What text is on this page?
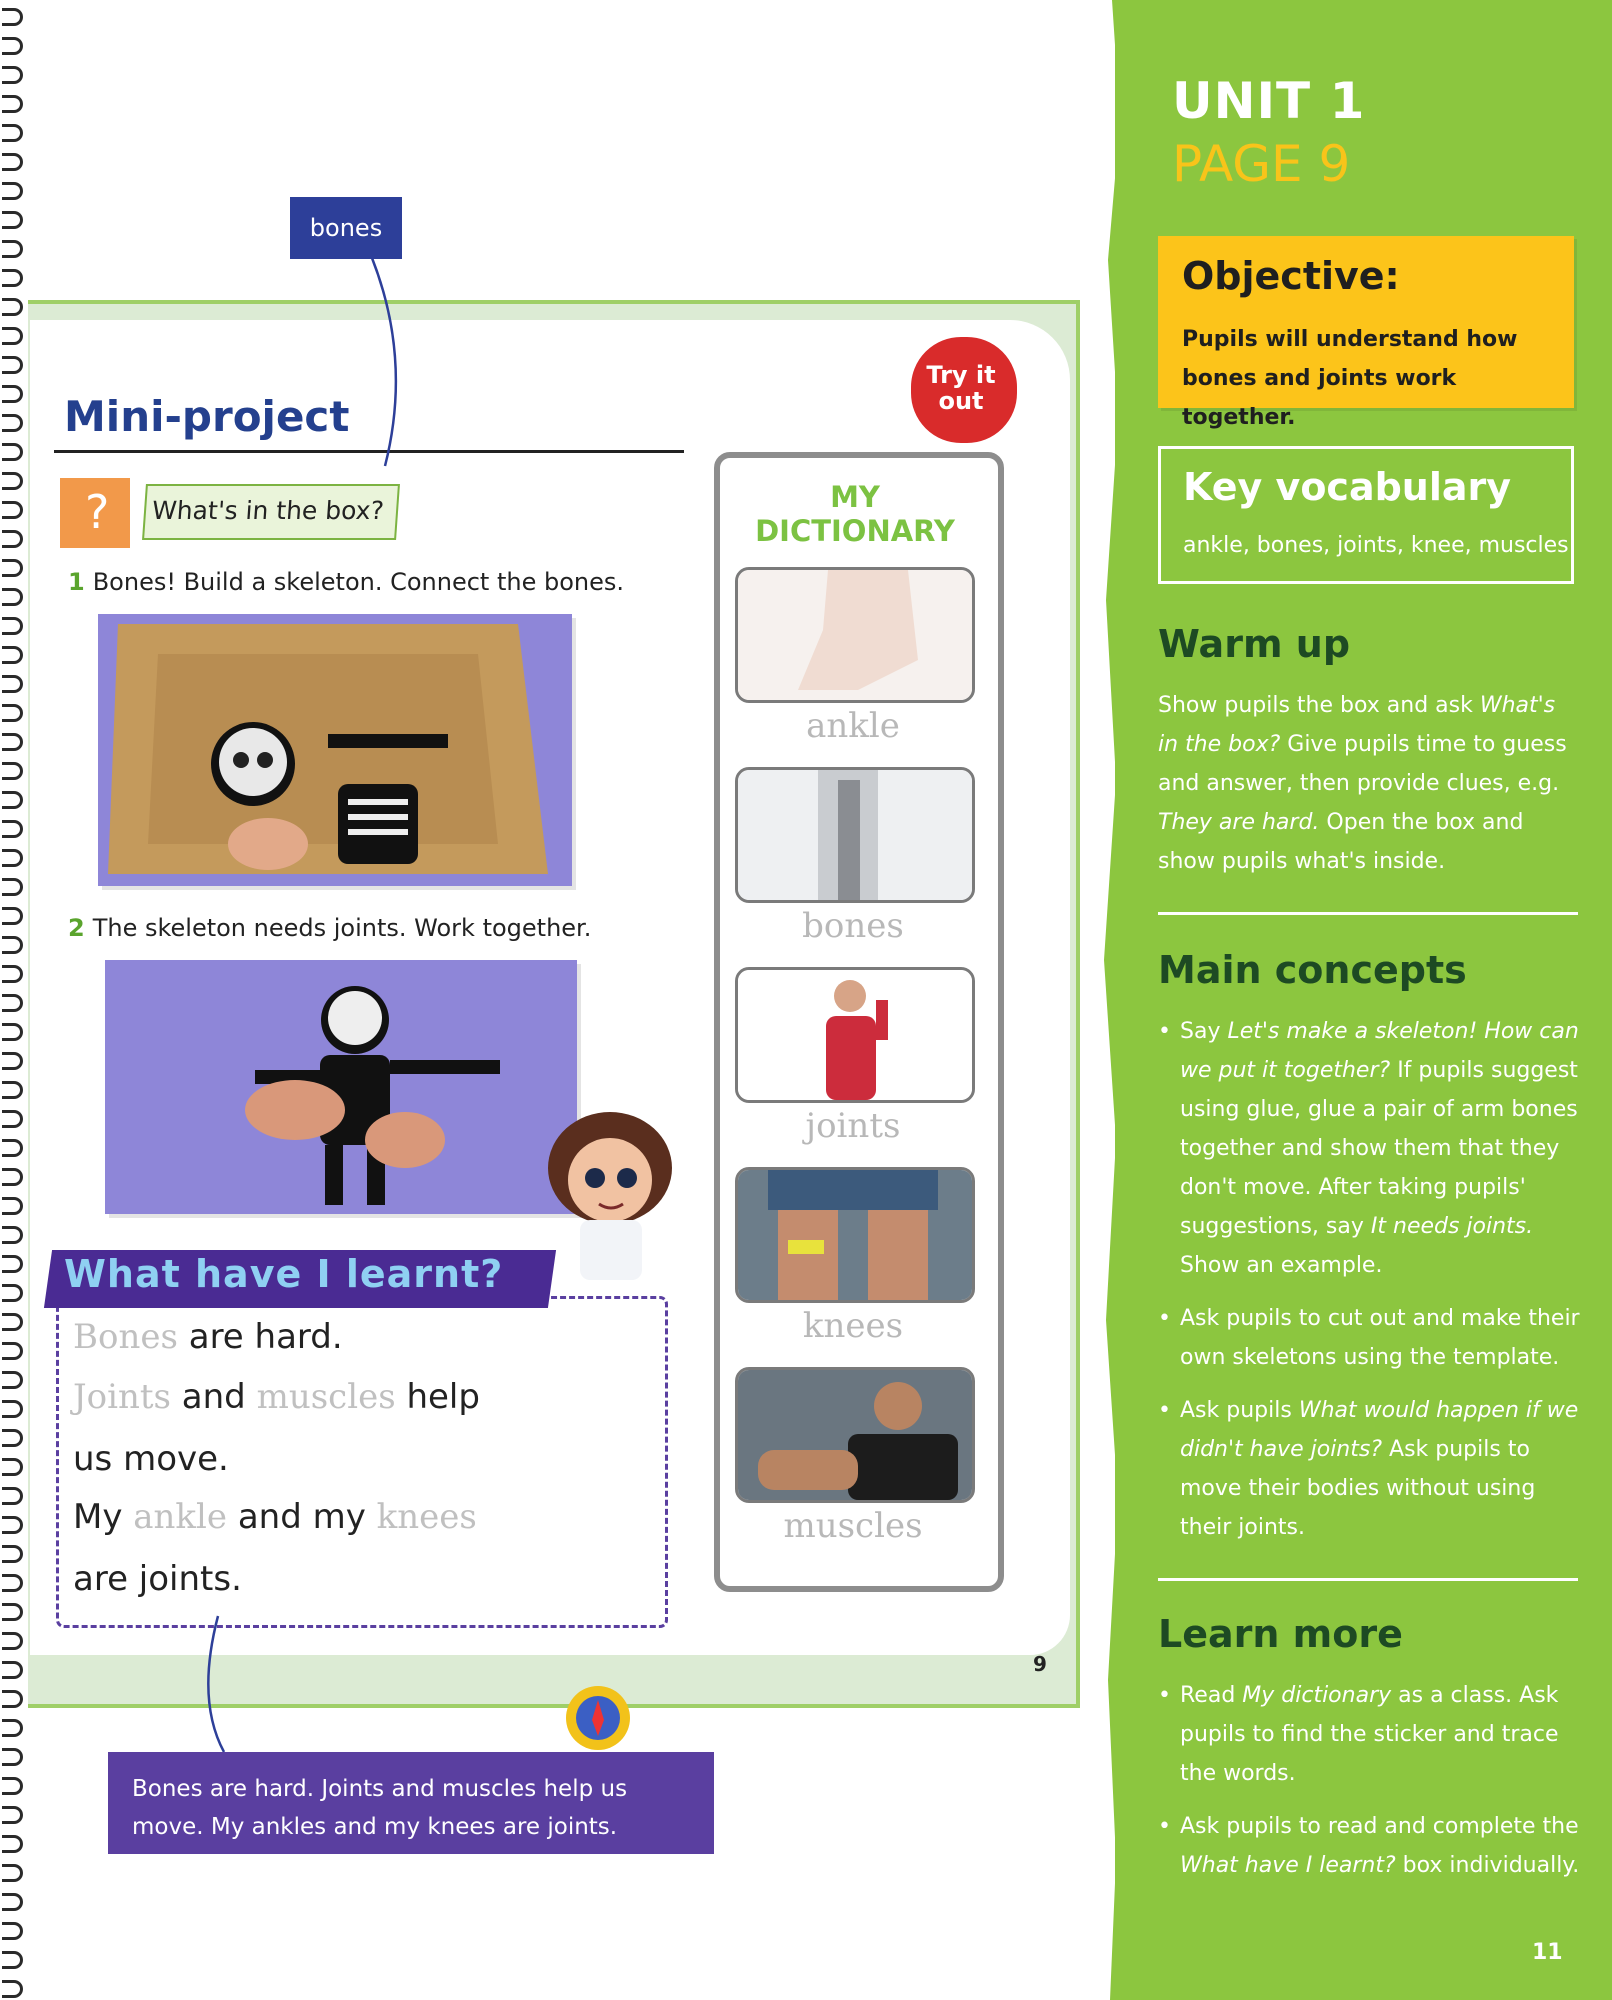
UNIT 1
PAGE 9
Objective:
Pupils will understand how bones and joints work together.
Key vocabulary
ankle, bones, joints, knee, muscles
Warm up
Show pupils the box and ask What's in the box? Give pupils time to guess and answer, then provide clues, e.g. They are hard. Open the box and show pupils what's inside.
Main concepts
• Say Let's make a skeleton! How can we put it together? If pupils suggest using glue, glue a pair of arm bones together and show them that they don't move. After taking pupils' suggestions, say It needs joints. Show an example.
• Ask pupils to cut out and make their own skeletons using the template.
• Ask pupils What would happen if we didn't have joints? Ask pupils to move their bodies without using their joints.
Learn more
• Read My dictionary as a class. Ask pupils to find the sticker and trace the words.
• Ask pupils to read and complete the What have I learnt? box individually.
11
Mini-project
? What's in the box?
1 Bones! Build a skeleton. Connect the bones.
2 The skeleton needs joints. Work together.
Try it out
MY DICTIONARY
ankle
bones
joints
knees
muscles
Bones are hard.
Joints and muscles help
us move.
My ankle and my knees
are joints.
What have I learnt?
9
bones
Bones are hard. Joints and muscles help us move. My ankles and my knees are joints.
